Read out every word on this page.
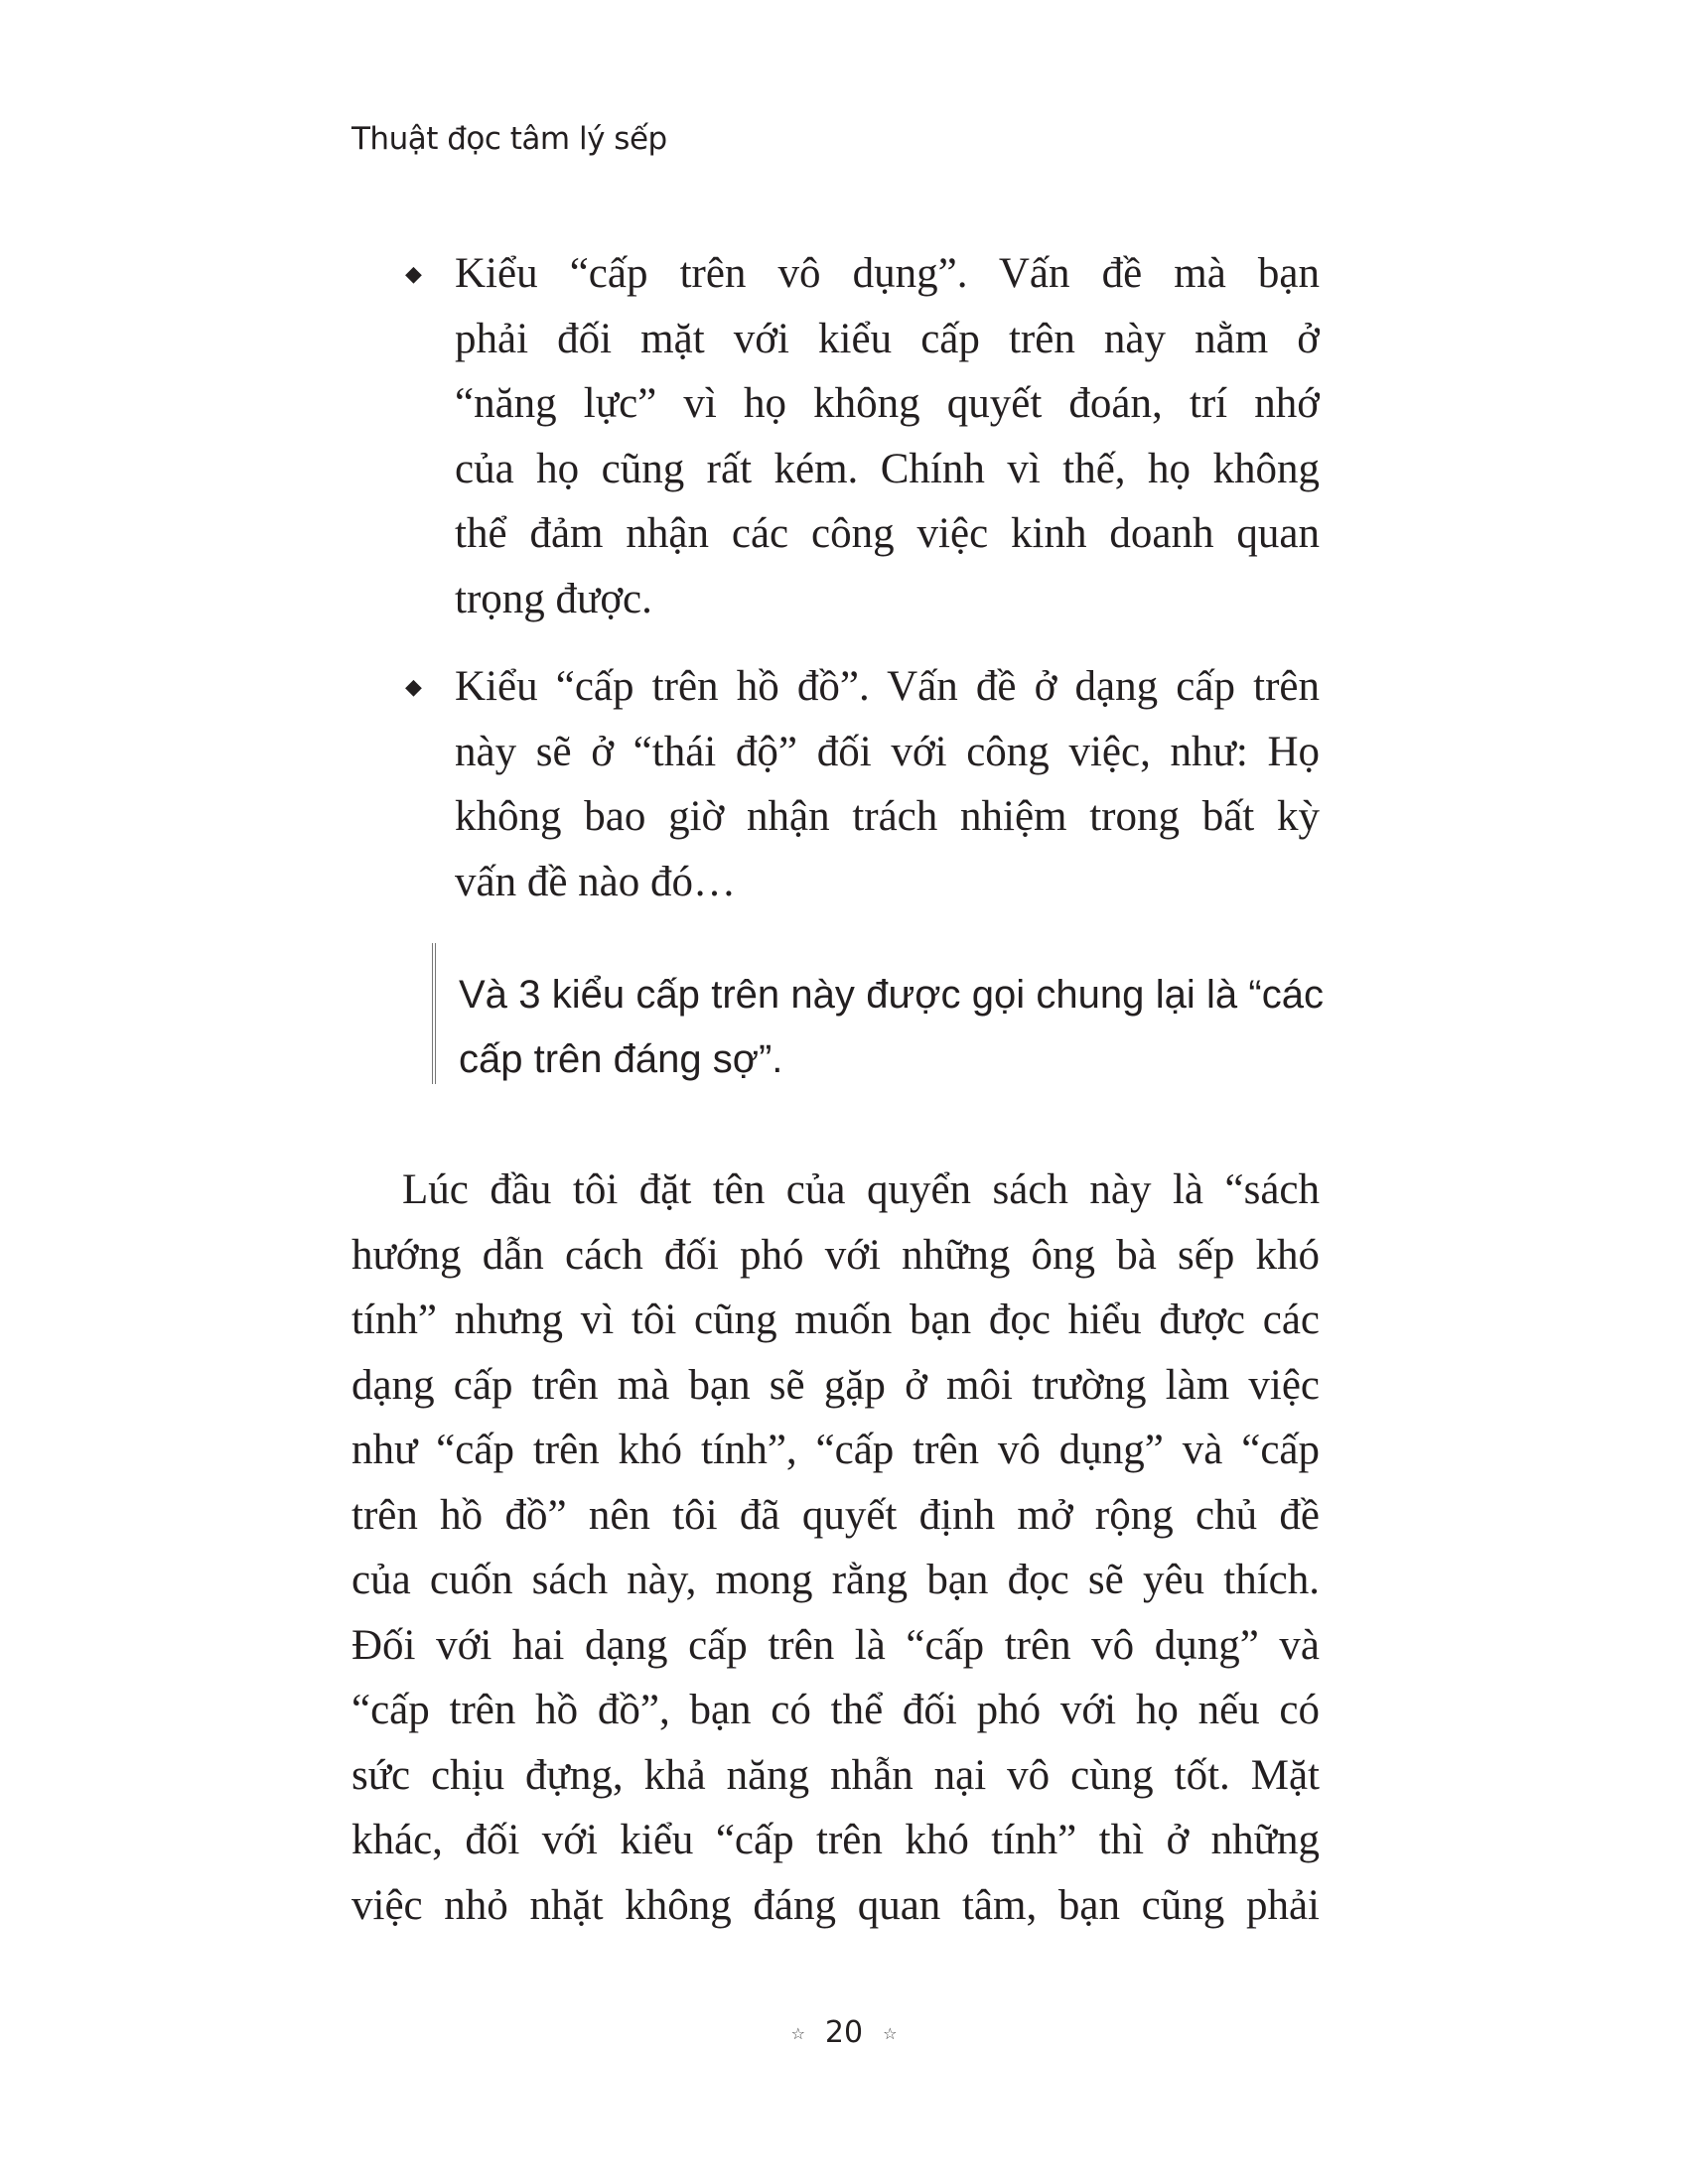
Thuật đọc tâm lý sếp
◆ Kiểu “cấp trên vô dụng”. Vấn đề mà bạn
phải đối mặt với kiểu cấp trên này nằm ở
“năng lực” vì họ không quyết đoán, trí nhớ
của họ cũng rất kém. Chính vì thế, họ không
thể đảm nhận các công việc kinh doanh quan
trọng được.
◆ Kiểu “cấp trên hồ đồ”. Vấn đề ở dạng cấp trên
này sẽ ở “thái độ” đối với công việc, như: Họ
không bao giờ nhận trách nhiệm trong bất kỳ
vấn đề nào đó…
Và 3 kiểu cấp trên này được gọi chung lại là “các
cấp trên đáng sợ”.
Lúc đầu tôi đặt tên của quyển sách này là “sách
hướng dẫn cách đối phó với những ông bà sếp khó
tính” nhưng vì tôi cũng muốn bạn đọc hiểu được các
dạng cấp trên mà bạn sẽ gặp ở môi trường làm việc
như “cấp trên khó tính”, “cấp trên vô dụng” và “cấp
trên hồ đồ” nên tôi đã quyết định mở rộng chủ đề
của cuốn sách này, mong rằng bạn đọc sẽ yêu thích.
Đối với hai dạng cấp trên là “cấp trên vô dụng” và
“cấp trên hồ đồ”, bạn có thể đối phó với họ nếu có
sức chịu đựng, khả năng nhẫn nại vô cùng tốt. Mặt
khác, đối với kiểu “cấp trên khó tính” thì ở những
việc nhỏ nhặt không đáng quan tâm, bạn cũng phải
☆ 20 ☆
